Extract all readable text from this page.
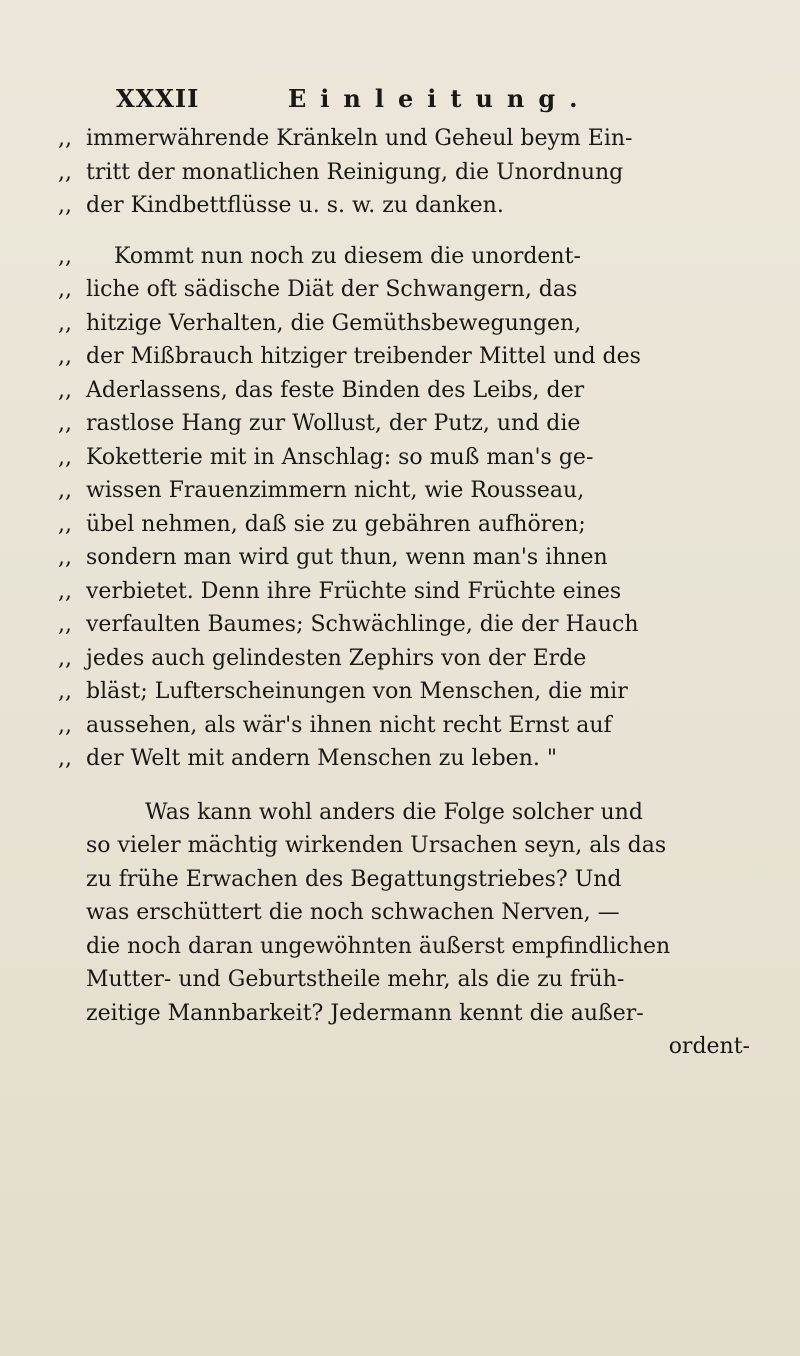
XXXII	Einleitung.
,, immerwährende Kränkeln und Geheul beym Ein-
,, tritt der monatlichen Reinigung, die Unordnung
,, der Kindbettflüsse u. s. w. zu danken.
,,	Kommt nun noch zu diesem die unordent-
,, liche oft sädische Diät der Schwangern, das
,, hitzige Verhalten, die Gemüthsbewegungen,
,, der Mißbrauch hitziger treibender Mittel und des
,, Aderlassens, das feste Binden des Leibs, der
,, rastlose Hang zur Wollust, der Putz, und die
,, Koketterie mit in Anschlag: so muß man's ge-
,, wissen Frauenzimmern nicht, wie Rousseau,
,, übel nehmen, daß sie zu gebähren aufhören;
,, sondern man wird gut thun, wenn man's ihnen
,, verbietet. Denn ihre Früchte sind Früchte eines
,, verfaulten Baumes; Schwächlinge, die der Hauch
,, jedes auch gelindesten Zephirs von der Erde
,, bläst; Lufterscheinungen von Menschen, die mir
,, aussehen, als wär's ihnen nicht recht Ernst auf
,, der Welt mit andern Menschen zu leben. "
Was kann wohl anders die Folge solcher und
so vieler mächtig wirkenden Ursachen seyn, als das
zu frühe Erwachen des Begattungstriebes? Und
was erschüttert die noch schwachen Nerven, —
die noch daran ungewöhnten äußerst empfindlichen
Mutter- und Geburtstheile mehr, als die zu früh-
zeitige Mannbarkeit? Jedermann kennt die außer-
ordent-
